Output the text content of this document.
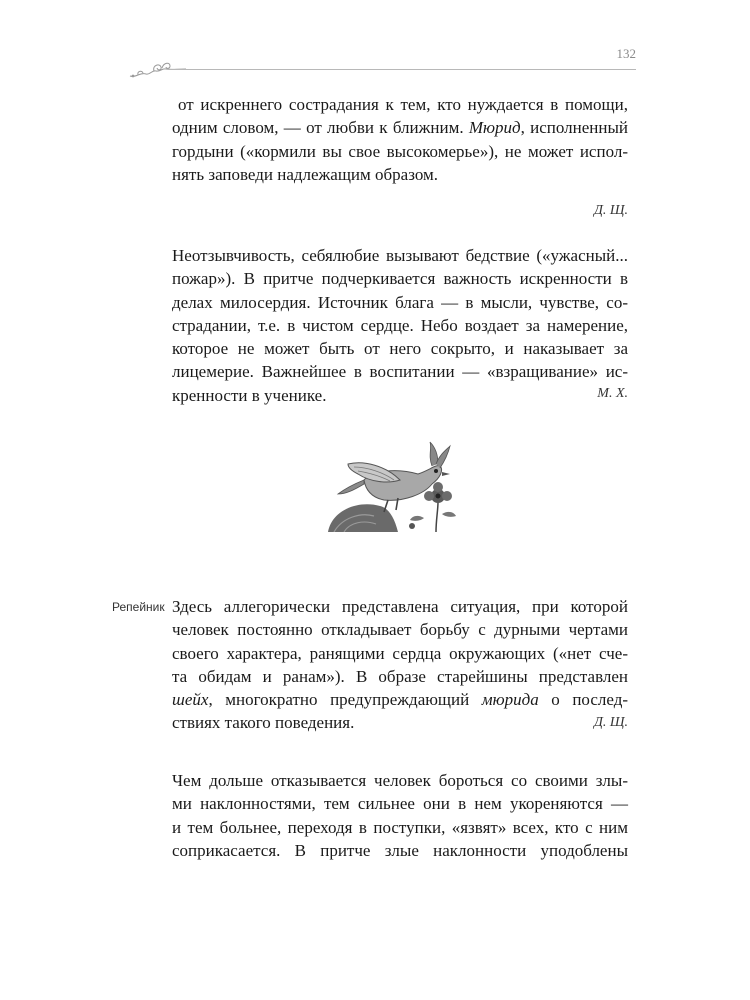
132
от искреннего сострадания к тем, кто нуждается в помощи,
одним словом, — от любви к ближним. Мюрид, исполненный
гордыни («кормили вы свое высокомерье»), не может испол-
нять заповеди надлежащим образом.
Д. Щ.
Неотзывчивость, себялюбие вызывают бедствие («ужасный...
пожар»). В притче подчеркивается важность искренности в
делах милосердия. Источник блага — в мысли, чувстве, со-
страдании, т.е. в чистом сердце. Небо воздает за намерение,
которое не может быть от него сокрыто, и наказывает за
лицемерие. Важнейшее в воспитании — «взращивание» ис-
кренности в ученике.	М. Х.
Репейник Здесь аллегорически представлена ситуация, при которой
человек постоянно откладывает борьбу с дурными чертами
своего характера, ранящими сердца окружающих («нет сче-
та обидам и ранам»). В образе старейшины представлен
шейх, многократно предупреждающий мюрида о послед-
ствиях такого поведения.	Д. Щ.
Чем дольше отказывается человек бороться со своими злы-
ми наклонностями, тем сильнее они в нем укореняются —
и тем больнее, переходя в поступки, «язвят» всех, кто с ним
соприкасается. В притче злые наклонности уподоблены
